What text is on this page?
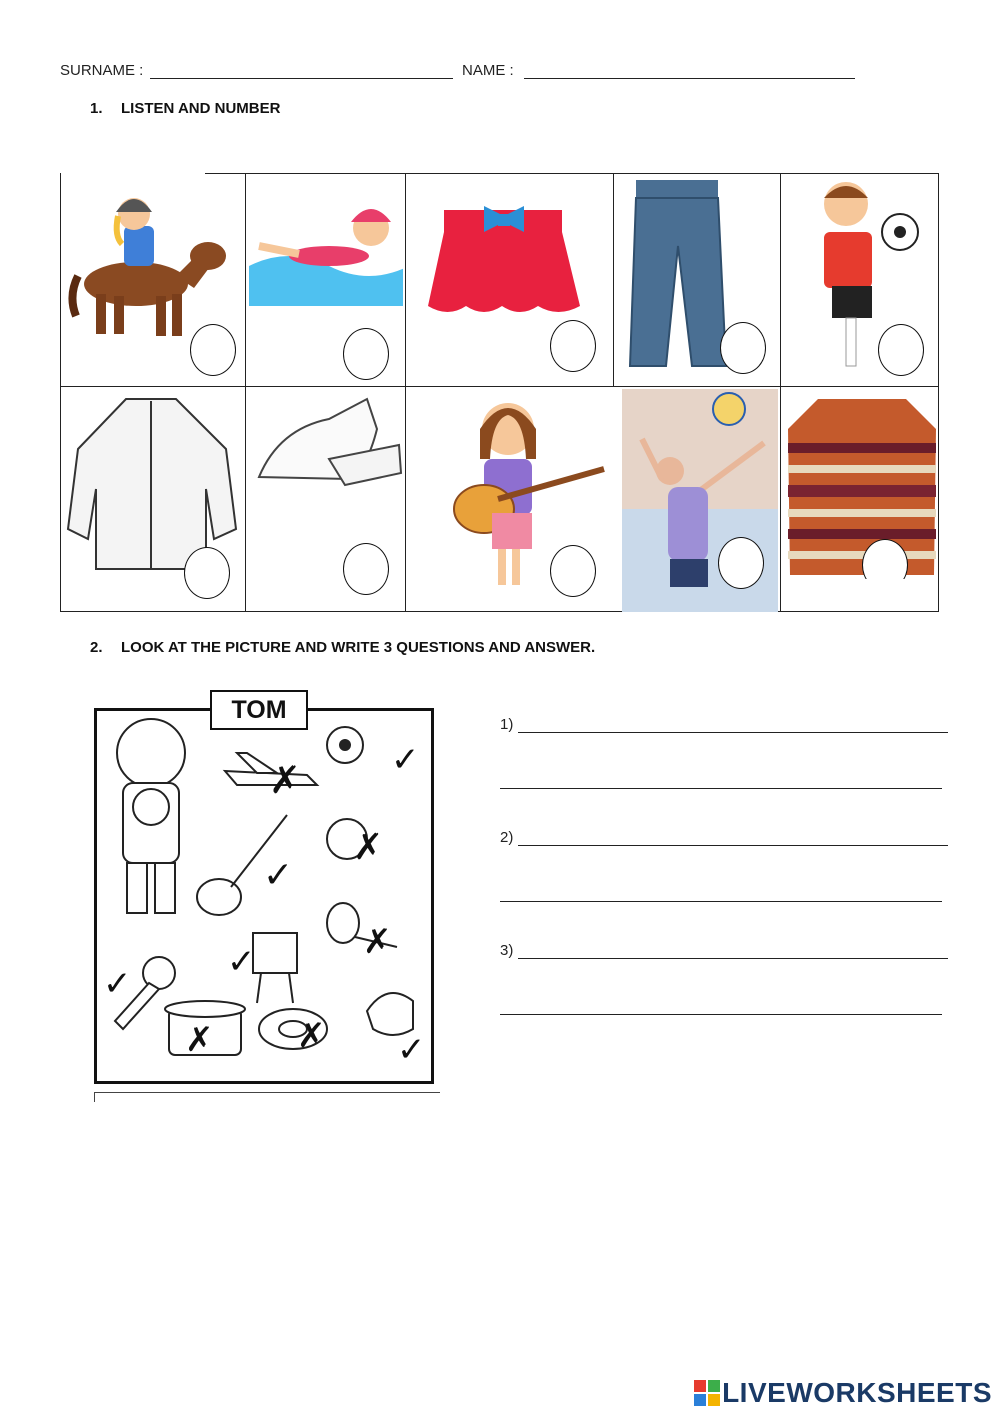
SURNAME :	NAME :
1. LISTEN AND NUMBER
2. LOOK AT THE PICTURE AND WRITE 3 QUESTIONS AND ANSWER.
✗	✓
✓
✗
✓	✗
✓
✗ ✗ ✓
TOM
1)
2)
3)
LIVEWORKSHEETS
